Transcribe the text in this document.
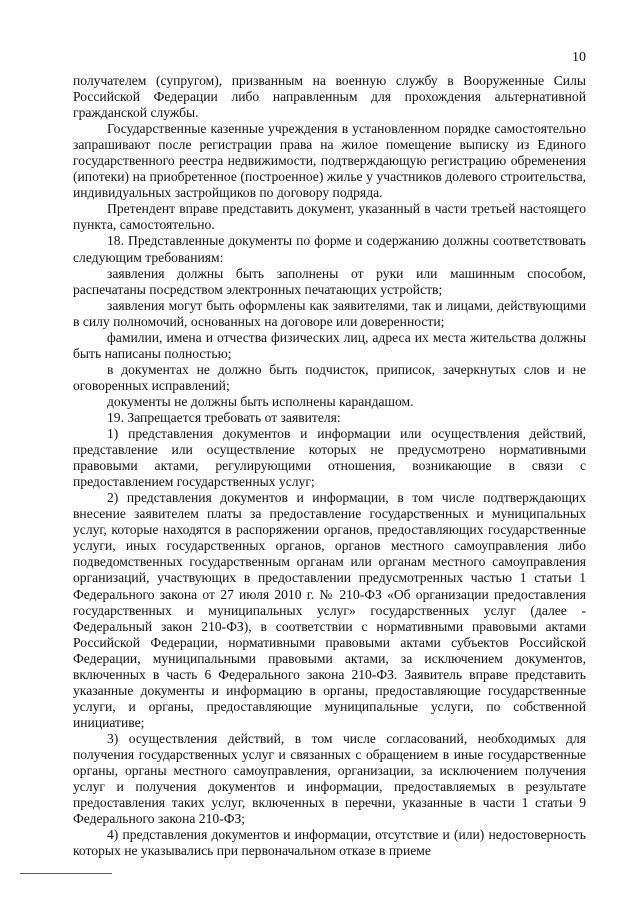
10

получателем (супругом), призванным на военную службу в Вооруженные Силы Российской Федерации либо направленным для прохождения альтернативной гражданской службы.

Государственные казенные учреждения в установленном порядке самостоятельно запрашивают после регистрации права на жилое помещение выписку из Единого государственного реестра недвижимости, подтверждающую регистрацию обременения (ипотеки) на приобретенное (построенное) жилье у участников долевого строительства, индивидуальных застройщиков по договору подряда.

Претендент вправе представить документ, указанный в части третьей настоящего пункта, самостоятельно.

18. Представленные документы по форме и содержанию должны соответствовать следующим требованиям:

заявления должны быть заполнены от руки или машинным способом, распечатаны посредством электронных печатающих устройств;

заявления могут быть оформлены как заявителями, так и лицами, действующими в силу полномочий, основанных на договоре или доверенности;

фамилии, имена и отчества физических лиц, адреса их места жительства должны быть написаны полностью;

в документах не должно быть подчисток, приписок, зачеркнутых слов и не оговоренных исправлений;

документы не должны быть исполнены карандашом.

19. Запрещается требовать от заявителя:

1) представления документов и информации или осуществления действий, представление или осуществление которых не предусмотрено нормативными правовыми актами, регулирующими отношения, возникающие в связи с предоставлением государственных услуг;

2) представления документов и информации, в том числе подтверждающих внесение заявителем платы за предоставление государственных и муниципальных услуг, которые находятся в распоряжении органов, предоставляющих государственные услуги, иных государственных органов, органов местного самоуправления либо подведомственных государственным органам или органам местного самоуправления организаций, участвующих в предоставлении предусмотренных частью 1 статьи 1 Федерального закона от 27 июля 2010 г. № 210-ФЗ «Об организации предоставления государственных и муниципальных услуг» государственных услуг (далее - Федеральный закон 210-ФЗ), в соответствии с нормативными правовыми актами Российской Федерации, нормативными правовыми актами субъектов Российской Федерации, муниципальными правовыми актами, за исключением документов, включенных в часть 6 Федерального закона 210-ФЗ. Заявитель вправе представить указанные документы и информацию в органы, предоставляющие государственные услуги, и органы, предоставляющие муниципальные услуги, по собственной инициативе;

3) осуществления действий, в том числе согласований, необходимых для получения государственных услуг и связанных с обращением в иные государственные органы, органы местного самоуправления, организации, за исключением получения услуг и получения документов и информации, предоставляемых в результате предоставления таких услуг, включенных в перечни, указанные в части 1 статьи 9 Федерального закона 210-ФЗ;

4) представления документов и информации, отсутствие и (или) недостоверность которых не указывались при первоначальном отказе в приеме
